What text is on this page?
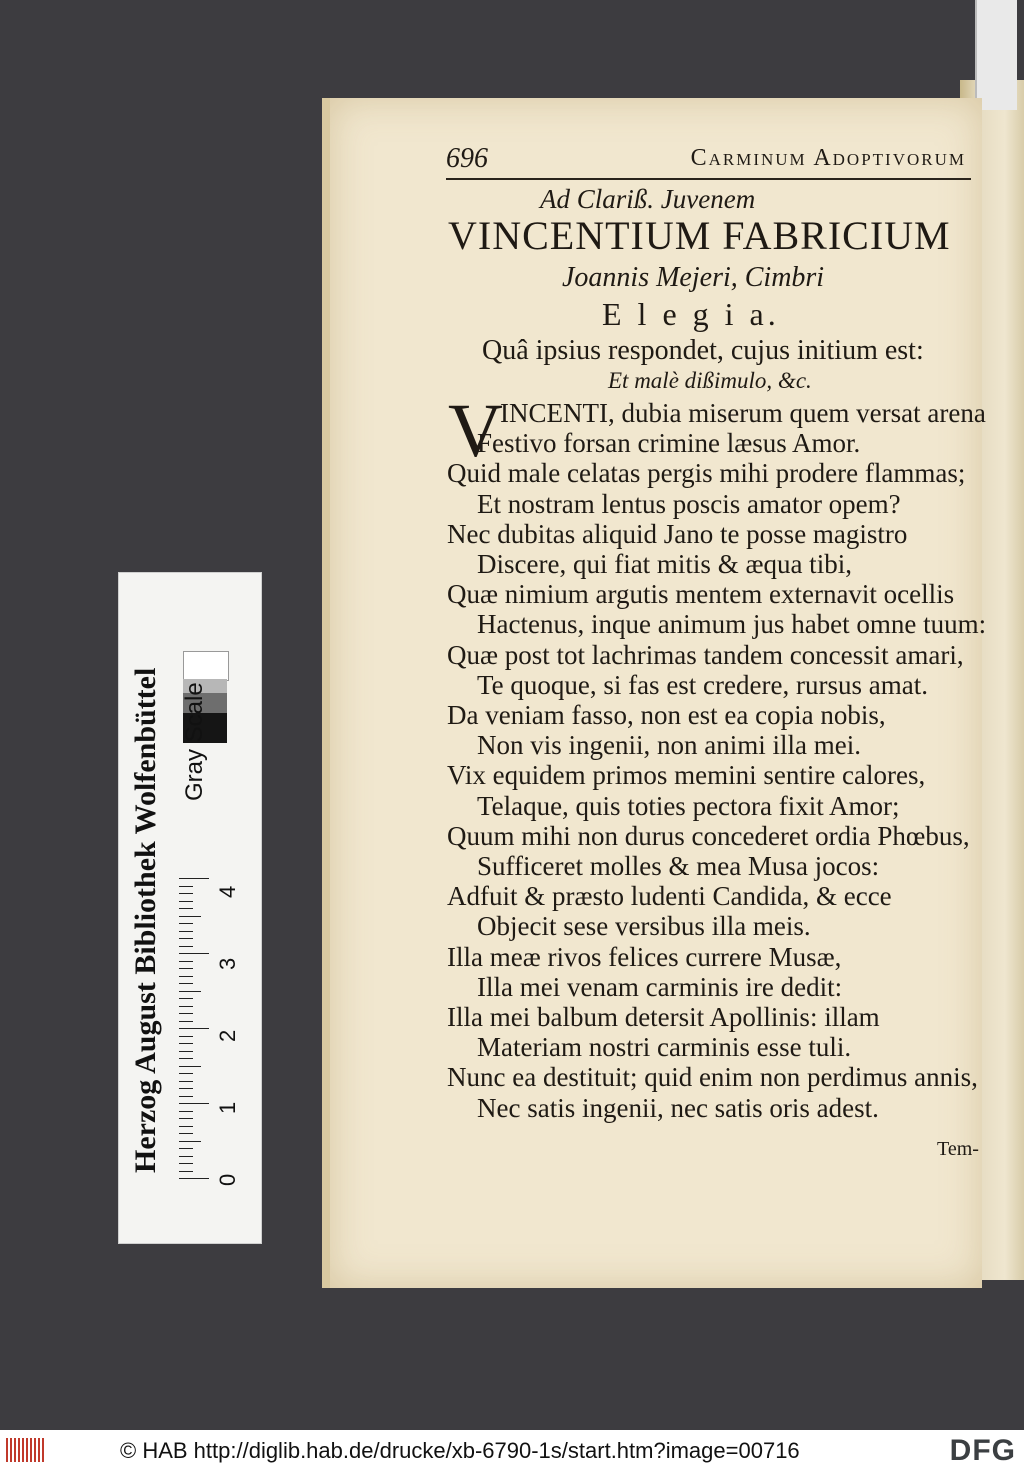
696	Carminum Adoptivorum
Ad Clariß. Juvenem
VINCENTIUM FABRICIUM
Joannis Mejeri, Cimbri
E l e g i a.
Quâ ipsius respondet, cujus initium est:
Et malè dißimulo, &c.
V
INCENTI, dubia miserum quem versat arena
Festivo forsan crimine læsus Amor.
Quid male celatas pergis mihi prodere flammas;
Et nostram lentus poscis amator opem?
Nec dubitas aliquid Jano te posse magistro
Discere, qui fiat mitis & æqua tibi,
Quæ nimium argutis mentem externavit ocellis
Hactenus, inque animum jus habet omne tuum:
Quæ post tot lachrimas tandem concessit amari,
Te quoque, si fas est credere, rursus amat.
Da veniam fasso, non est ea copia nobis,
Non vis ingenii, non animi illa mei.
Vix equidem primos memini sentire calores,
Telaque, quis toties pectora fixit Amor;
Quum mihi non durus concederet ordia Phœbus,
Sufficeret molles & mea Musa jocos:
Adfuit & præsto ludenti Candida, & ecce
Objecit sese versibus illa meis.
Illa meæ rivos felices currere Musæ,
Illa mei venam carminis ire dedit:
Illa mei balbum detersit Apollinis: illam
Materiam nostri carminis esse tuli.
Nunc ea destituit; quid enim non perdimus annis,
Nec satis ingenii, nec satis oris adest.
Tem-
Herzog August Bibliothek Wolfenbüttel Gray Scale
4
3
2
1
0
© HAB http://diglib.hab.de/drucke/xb-6790-1s/start.htm?image=00716	DFG
